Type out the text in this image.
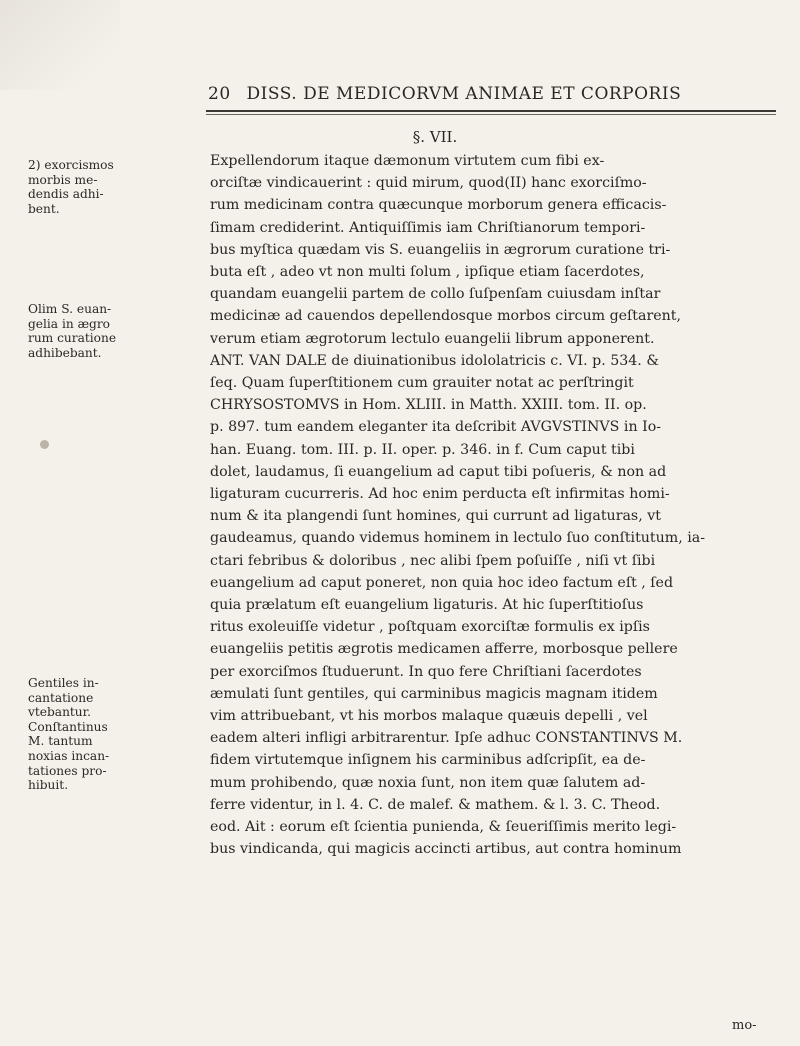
20 DISS. DE MEDICORVM ANIMAE ET CORPORIS
§. VII.
Expellendorum itaque dæmonum virtutem cum fibi ex-
orciſtæ vindicauerint : quid mirum, quod(II) hanc exorciſmo-
rum medicinam contra quæcunque morborum genera efficacis-
ſimam crediderint. Antiquiſſimis iam Chriſtianorum tempori-
bus myſtica quædam vis S. euangeliis in ægrorum curatione tri-
buta eſt , adeo vt non multi ſolum , ipſique etiam ſacerdotes,
quandam euangelii partem de collo ſuſpenſam cuiusdam inſtar
medicinæ ad cauendos depellendosque morbos circum geſtarent,
verum etiam ægrotorum lectulo euangelii librum apponerent.
ANT. VAN DALE de diuinationibus idololatricis c. VI. p. 534. &
ſeq. Quam ſuperſtitionem cum grauiter notat ac perſtringit
CHRYSOSTOMVS in Hom. XLIII. in Matth. XXIII. tom. II. op.
p. 897. tum eandem eleganter ita deſcribit AVGVSTINVS in Io-
han. Euang. tom. III. p. II. oper. p. 346. in f. Cum caput tibi
dolet, laudamus, ſi euangelium ad caput tibi poſueris, & non ad
ligaturam cucurreris. Ad hoc enim perducta eſt infirmitas homi-
num & ita plangendi ſunt homines, qui currunt ad ligaturas, vt
gaudeamus, quando videmus hominem in lectulo ſuo conſtitutum, ia-
ctari febribus & doloribus , nec alibi ſpem poſuiſſe , niſi vt ſibi
euangelium ad caput poneret, non quia hoc ideo factum eſt , ſed
quia prælatum eſt euangelium ligaturis. At hic ſuperſtitioſus
ritus exoleuiſſe videtur , poſtquam exorciſtæ formulis ex ipſis
euangeliis petitis ægrotis medicamen afferre, morbosque pellere
per exorciſmos ſtuduerunt. In quo fere Chriſtiani ſacerdotes
æmulati ſunt gentiles, qui carminibus magicis magnam itidem
vim attribuebant, vt his morbos malaque quæuis depelli , vel
eadem alteri infligi arbitrarentur. Ipſe adhuc CONSTANTINVS M.
fidem virtutemque inſignem his carminibus adſcripſit, ea de-
mum prohibendo, quæ noxia ſunt, non item quæ ſalutem ad-
ferre videntur, in l. 4. C. de malef. & mathem. & l. 3. C. Theod.
eod. Ait : eorum eſt ſcientia punienda, & ſeueriſſimis merito legi-
bus vindicanda, qui magicis accincti artibus, aut contra hominum
2) exorcismos
morbis me-
dendis adhi-
bent.
Olim S. euan-
gelia in ægro
rum curatione
adhibebant.
Gentiles in-
cantatione
vtebantur.
Conſtantinus
M. tantum
noxias incan-
tationes pro-
hibuit.
mo-
